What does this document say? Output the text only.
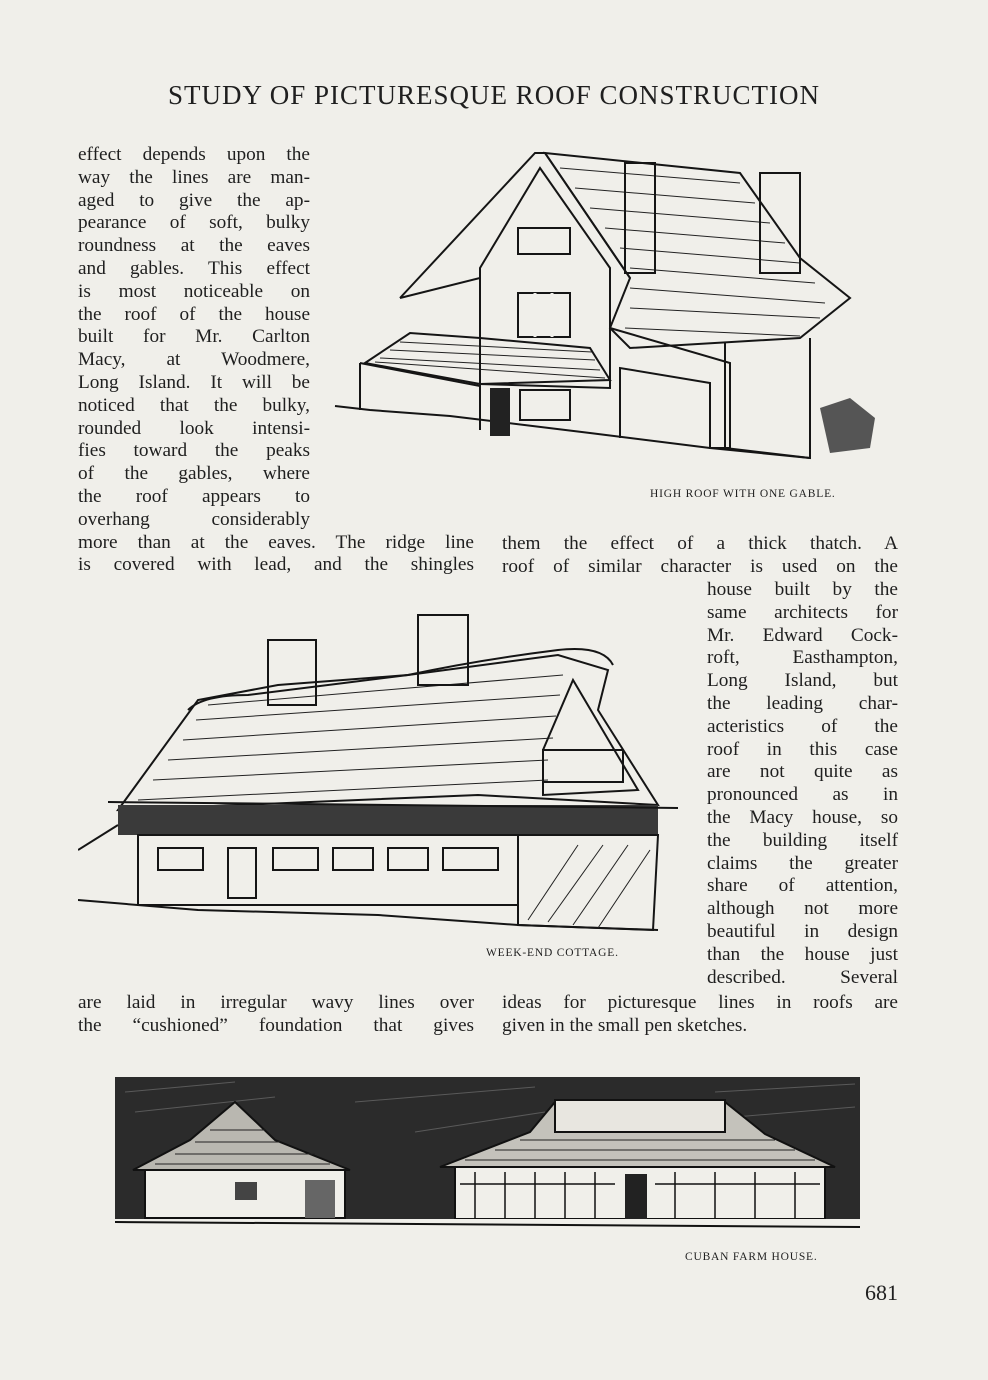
STUDY OF PICTURESQUE ROOF CONSTRUCTION
effect depends upon the
way the lines are man-
aged to give the ap-
pearance of soft, bulky
roundness at the eaves
and gables. This effect
is most noticeable on
the roof of the house
built for Mr. Carlton
Macy, at Woodmere,
Long Island. It will be
noticed that the bulky,
rounded look intensi-
fies toward the peaks
of the gables, where
the roof appears to
overhang considerably
more than at the eaves. The ridge line
is covered with lead, and the shingles
them the effect of a thick thatch. A
roof of similar character is used on the
house built by the
same architects for
Mr. Edward Cock-
roft, Easthampton,
Long Island, but
the leading char-
acteristics of the
roof in this case
are not quite as
pronounced as in
the Macy house, so
the building itself
claims the greater
share of attention,
although not more
beautiful in design
than the house just
described. Several
are laid in irregular wavy lines over
the “cushioned” foundation that gives
ideas for picturesque lines in roofs are
given in the small pen sketches.
HIGH ROOF WITH ONE GABLE.
WEEK-END COTTAGE.
CUBAN FARM HOUSE.
681
